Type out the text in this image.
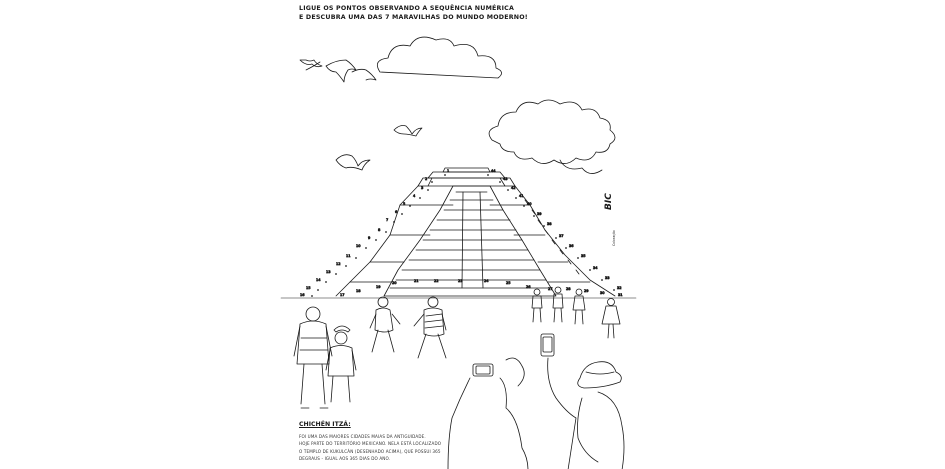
LIGUE OS PONTOS OBSERVANDO A SEQUÊNCIA NUMÉRICA
E DESCUBRA UMA DAS 7 MARAVILHAS DO MUNDO MODERNO!
1
2
3
4
5
6
7
8
9
10
11
12
13
14
15
16	17
18
19
20	21	22	23	24	25
26
44
43
42
41
40
39
38
37
36
35
34
33
32
31
30
29
28
27
BIC
Coloração
CHICHÉN ITZÁ:
FOI UMA DAS MAIORES CIDADES MAIAS DA ANTIGUIDADE.
HOJE PARTE DO TERRITÓRIO MEXICANO. NELA ESTÁ LOCALIZADO
O TEMPLO DE KUKULCÁN (DESENHADO ACIMA), QUE POSSUI 365
DEGRAUS - IGUAL AOS 365 DIAS DO ANO.
